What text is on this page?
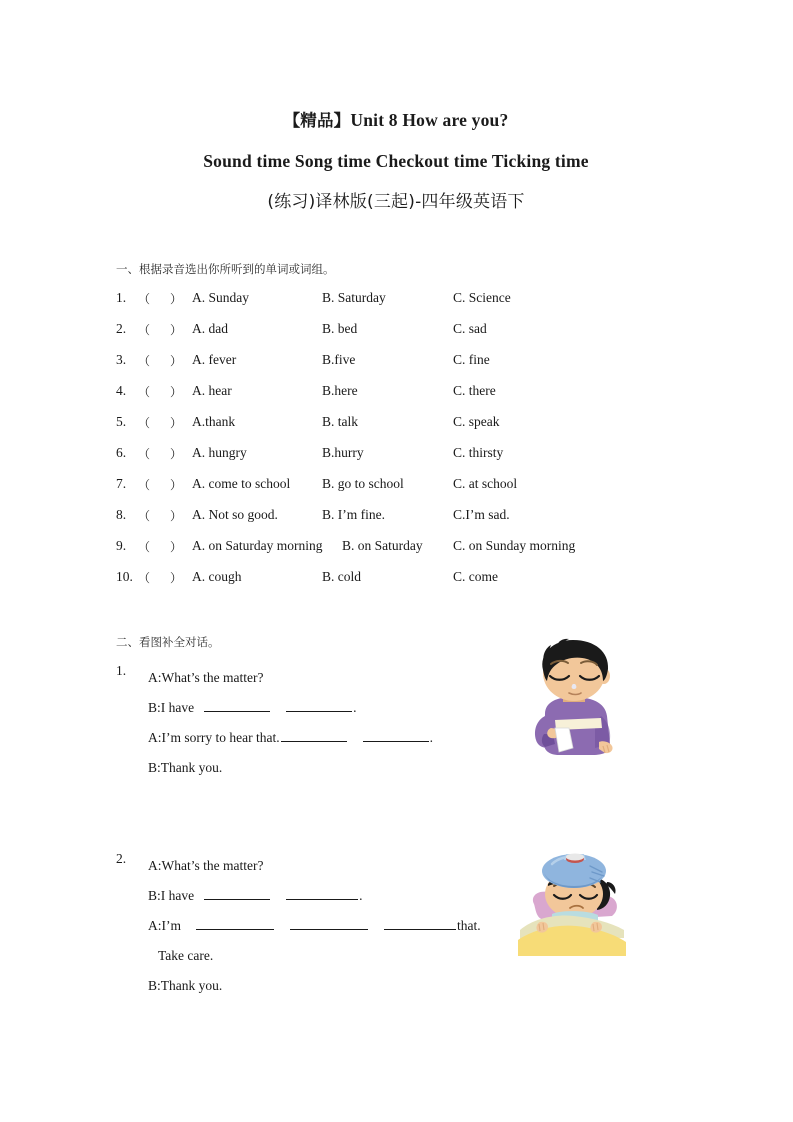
【精品】Unit 8 How are you?
Sound time Song time Checkout time Ticking time
(练习)译林版(三起)-四年级英语下
一、根据录音选出你所听到的单词或词组。
1. （ ） A. Sunday	B. Saturday	C. Science
2. （ ） A. dad	B. bed	C. sad
3. （ ） A. fever	B.five	C. fine
4. （ ） A. hear	B.here	C. there
5. （ ） A.thank	B. talk	C. speak
6. （ ） A. hungry	B.hurry	C. thirsty
7. （ ） A. come to school B. go to school	C. at school
8. （ ） A. Not so good.	B. I’m fine.	C.I’m sad.
9. （ ） A. on Saturday morning B. on Saturday C. on Sunday morning
10. （ ） A. cough	B. cold	C. come
二、看图补全对话。
1. A:What’s the matter?
B:I have	.
A:I’m sorry to hear that.	.
B:Thank you.
2. A:What’s the matter?
B:I have	.
A:I’m	that.
Take care.
B:Thank you.
